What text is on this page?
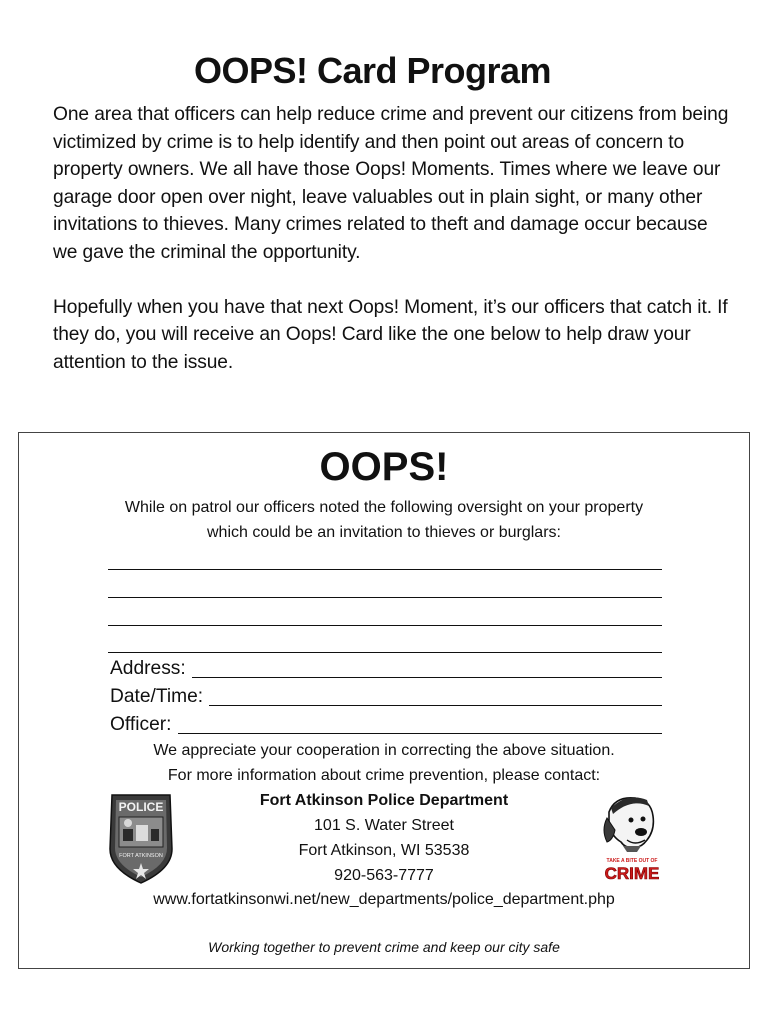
OOPS! Card Program

One area that officers can help reduce crime and prevent our citizens from being victimized by crime is to help identify and then point out areas of concern to property owners. We all have those Oops! Moments. Times where we leave our garage door open over night, leave valuables out in plain sight, or many other invitations to thieves. Many crimes related to theft and damage occur because we gave the criminal the opportunity.

Hopefully when you have that next Oops! Moment, it’s our officers that catch it. If they do, you will receive an Oops! Card like the one below to help draw your attention to the issue.

OOPS!

While on patrol our officers noted the following oversight on your property

which could be an invitation to thieves or burglars:

Address:
Date/Time:
Officer:
We appreciate your cooperation in correcting the above situation.
For more information about crime prevention, please contact:
Fort Atkinson Police Department
101 S. Water Street
Fort Atkinson, WI 53538
920-563-7777
www.fortatkinsonwi.net/new_departments/police_department.php
Working together to prevent crime and keep our city safe
POLICE
FORT ATKINSON
TAKE A BITE OUT OF
CRIME
